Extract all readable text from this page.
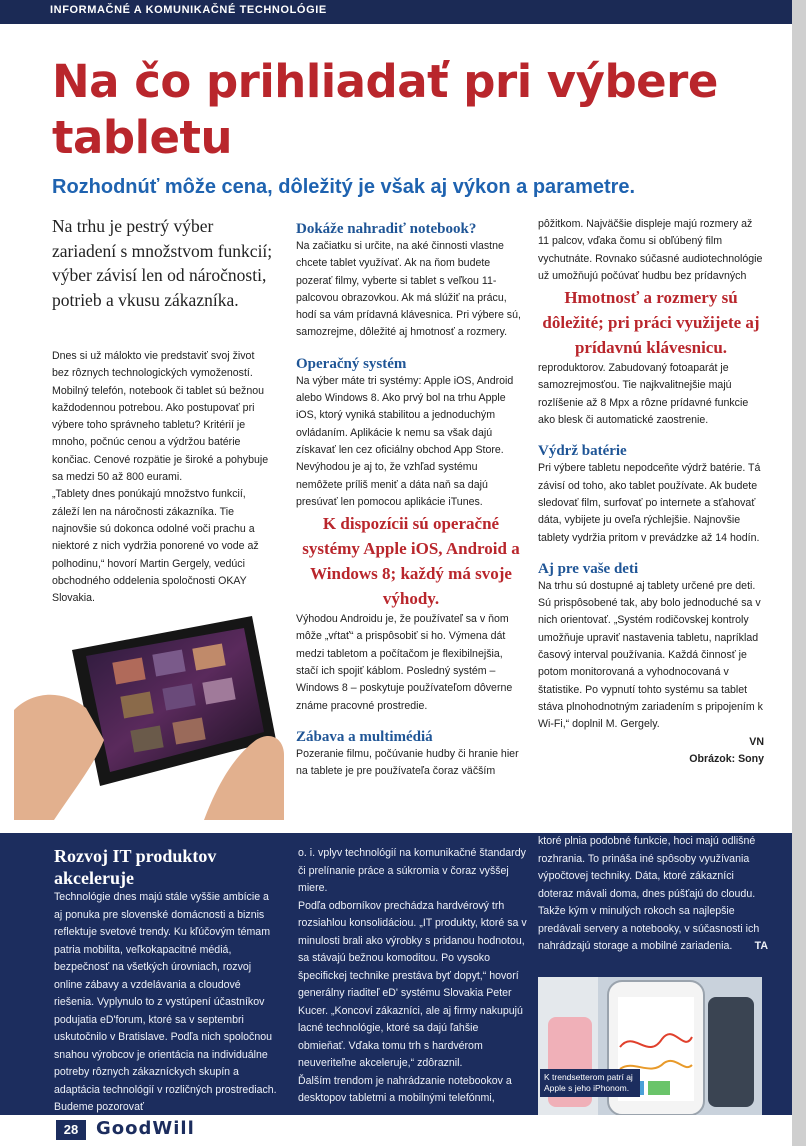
INFORMAČNÉ A KOMUNIKAČNÉ TECHNOLÓGIE
Na čo prihliadať pri výbere tabletu
Rozhodnúť môže cena, dôležitý je však aj výkon a parametre.

Na trhu je pestrý výber zariadení s množstvom funkcií; výber závisí len od náročnosti, potrieb a vkusu zákazníka.

Dnes si už málokto vie predstaviť svoj život bez rôznych technologických vymožeností. Mobilný telefón, notebook či tablet sú bežnou každodennou potrebou. Ako postupovať pri výbere toho správneho tabletu? Kritérií je mnoho, počnúc cenou a výdržou batérie končiac. Cenové rozpätie je široké a pohybuje sa medzi 50 až 800 eurami.

„Tablety dnes ponúkajú množstvo funkcií, záleží len na náročnosti zákazníka. Tie najnovšie sú dokonca odolné voči prachu a niektoré z nich vydržia ponorené vo vode až polhodinu,“ hovorí Martin Gergely, vedúci obchodného oddelenia spoločnosti OKAY Slovakia.

Dokáže nahradiť notebook?

Na začiatku si určite, na aké činnosti vlastne chcete tablet využívať. Ak na ňom budete pozerať filmy, vyberte si tablet s veľkou 11-palcovou obrazovkou. Ak má slúžiť na prácu, hodí sa vám prídavná klávesnica. Pri výbere sú, samozrejme, dôležité aj hmotnosť a rozmery.

Operačný systém

Na výber máte tri systémy: Apple iOS, Android alebo Windows 8. Ako prvý bol na trhu Apple iOS, ktorý vyniká stabilitou a jednoduchým ovládaním. Aplikácie k nemu sa však dajú získavať len cez oficiálny obchod App Store. Nevýhodou je aj to, že vzhľad systému nemôžete príliš meniť a dáta naň sa dajú presúvať len pomocou aplikácie iTunes.

K dispozícii sú operačné systémy Apple iOS, Android a Windows 8; každý má svoje výhody.

Výhodou Androidu je, že používateľ sa v ňom môže „vŕtať“ a prispôsobiť si ho. Výmena dát medzi tabletom a počítačom je flexibilnejšia, stačí ich spojiť káblom. Posledný systém – Windows 8 – poskytuje používateľom dôverne známe pracovné prostredie.

Zábava a multimédiá

Pozeranie filmu, počúvanie hudby či hranie hier na tablete je pre používateľa čoraz väčším

pôžitkom. Najväčšie displeje majú rozmery až 11 palcov, vďaka čomu si obľúbený film vychutnáte. Rovnako súčasné audiotechnológie už umožňujú počúvať hudbu bez prídavných

Hmotnosť a rozmery sú dôležité; pri práci využijete aj prídavnú klávesnicu.

reproduktorov. Zabudovaný fotoaparát je samozrejmosťou. Tie najkvalitnejšie majú rozlíšenie až 8 Mpx a rôzne prídavné funkcie ako blesk či automatické zaostrenie.

Výdrž batérie

Pri výbere tabletu nepodceňte výdrž batérie. Tá závisí od toho, ako tablet používate. Ak budete sledovať film, surfovať po internete a sťahovať dáta, vybijete ju oveľa rýchlejšie. Najnovšie tablety vydržia pritom v prevádzke až 14 hodín.

Aj pre vaše deti

Na trhu sú dostupné aj tablety určené pre deti. Sú prispôsobené tak, aby bolo jednoduché sa v nich orientovať. „Systém rodičovskej kontroly umožňuje upraviť nastavenia tabletu, napríklad časový interval používania. Každá činnosť je potom monitorovaná a vyhodnocovaná v štatistike. Po vypnutí tohto systému sa tablet stáva plnohodnotným zariadením s pripojením k Wi-Fi,“ doplnil M. Gergely.

VN

Obrázok: Sony

Rozvoj IT produktov akceleruje

Technológie dnes majú stále vyššie ambície a aj ponuka pre slovenské domácnosti a biznis reflektuje svetové trendy. Ku kľúčovým témam patria mobilita, veľkokapacitné médiá, bezpečnosť na všetkých úrovniach, rozvoj online zábavy a vzdelávania a cloudové riešenia. Vyplynulo to z vystúpení účastníkov podujatia eD'forum, ktoré sa v septembri uskutočnilo v Bratislave. Podľa nich spoločnou snahou výrobcov je orientácia na individuálne potreby rôznych zákazníckych skupín a adaptácia technológií v rozličných prostrediach. Budeme pozorovať

o. i. vplyv technológií na komunikačné štandardy či prelínanie práce a súkromia v čoraz vyššej miere.

Podľa odborníkov prechádza hardvérový trh rozsiahlou konsolidáciou. „IT produkty, ktoré sa v minulosti brali ako výrobky s pridanou hodnotou, sa stávajú bežnou komoditou. Po vysoko špecifickej technike prestáva byť dopyt,“ hovorí generálny riaditeľ eD' systému Slovakia Peter Kucer. „Koncoví zákazníci, ale aj firmy nakupujú lacné technológie, ktoré sa dajú ľahšie obmieňať. Vďaka tomu trh s hardvérom neuveriteľne akceleruje,“ zdôraznil.

Ďalším trendom je nahrádzanie notebookov a desktopov tabletmi a mobilnými telefónmi,

ktoré plnia podobné funkcie, hoci majú odlišné rozhrania. To prináša iné spôsoby využívania výpočtovej techniky. Dáta, ktoré zákazníci doteraz mávali doma, dnes púšťajú do cloudu. Takže kým v minulých rokoch sa najlepšie predávali servery a notebooky, v súčasnosti ich nahrádzajú storage a mobilné zariadenia. TA

K trendsetterom patrí aj Apple s jeho iPhonom.
28 GoodWill
